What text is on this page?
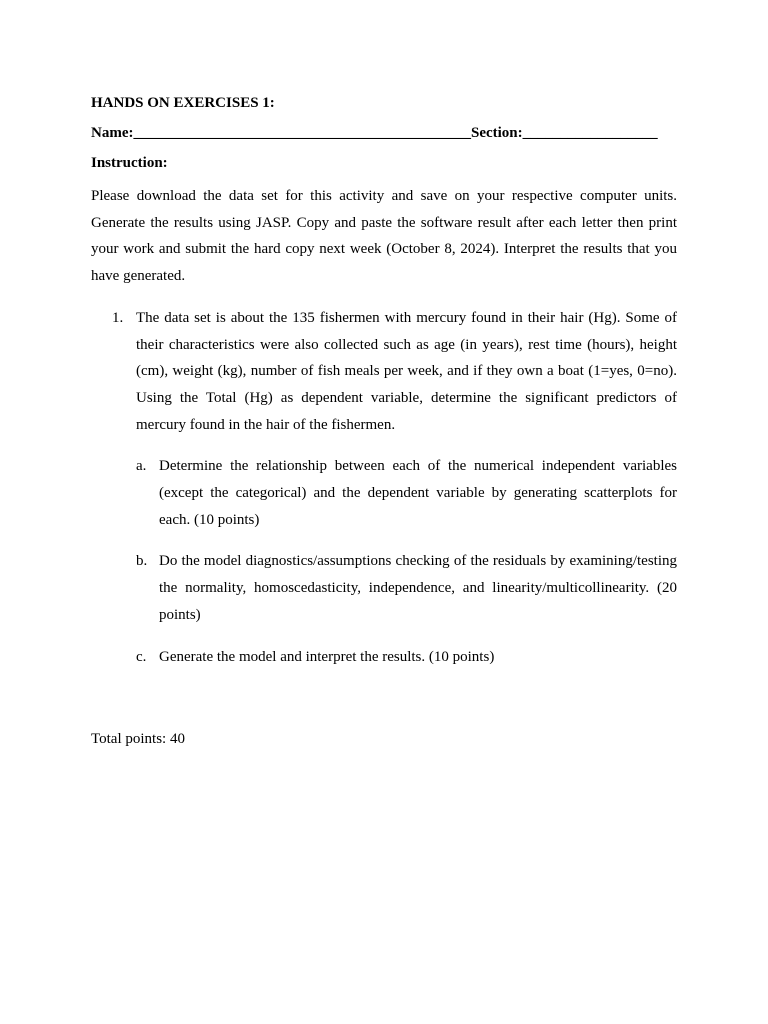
HANDS ON EXERCISES 1:
Name:_____________________________________________Section:__________________
Instruction:
Please download the data set for this activity and save on your respective computer units. Generate the results using JASP. Copy and paste the software result after each letter then print your work and submit the hard copy next week (October 8, 2024). Interpret the results that you have generated.
1. The data set is about the 135 fishermen with mercury found in their hair (Hg). Some of their characteristics were also collected such as age (in years), rest time (hours), height (cm), weight (kg), number of fish meals per week, and if they own a boat (1=yes, 0=no). Using the Total (Hg) as dependent variable, determine the significant predictors of mercury found in the hair of the fishermen.
a. Determine the relationship between each of the numerical independent variables (except the categorical) and the dependent variable by generating scatterplots for each. (10 points)
b. Do the model diagnostics/assumptions checking of the residuals by examining/testing the normality, homoscedasticity, independence, and linearity/multicollinearity. (20 points)
c. Generate the model and interpret the results. (10 points)
Total points: 40
